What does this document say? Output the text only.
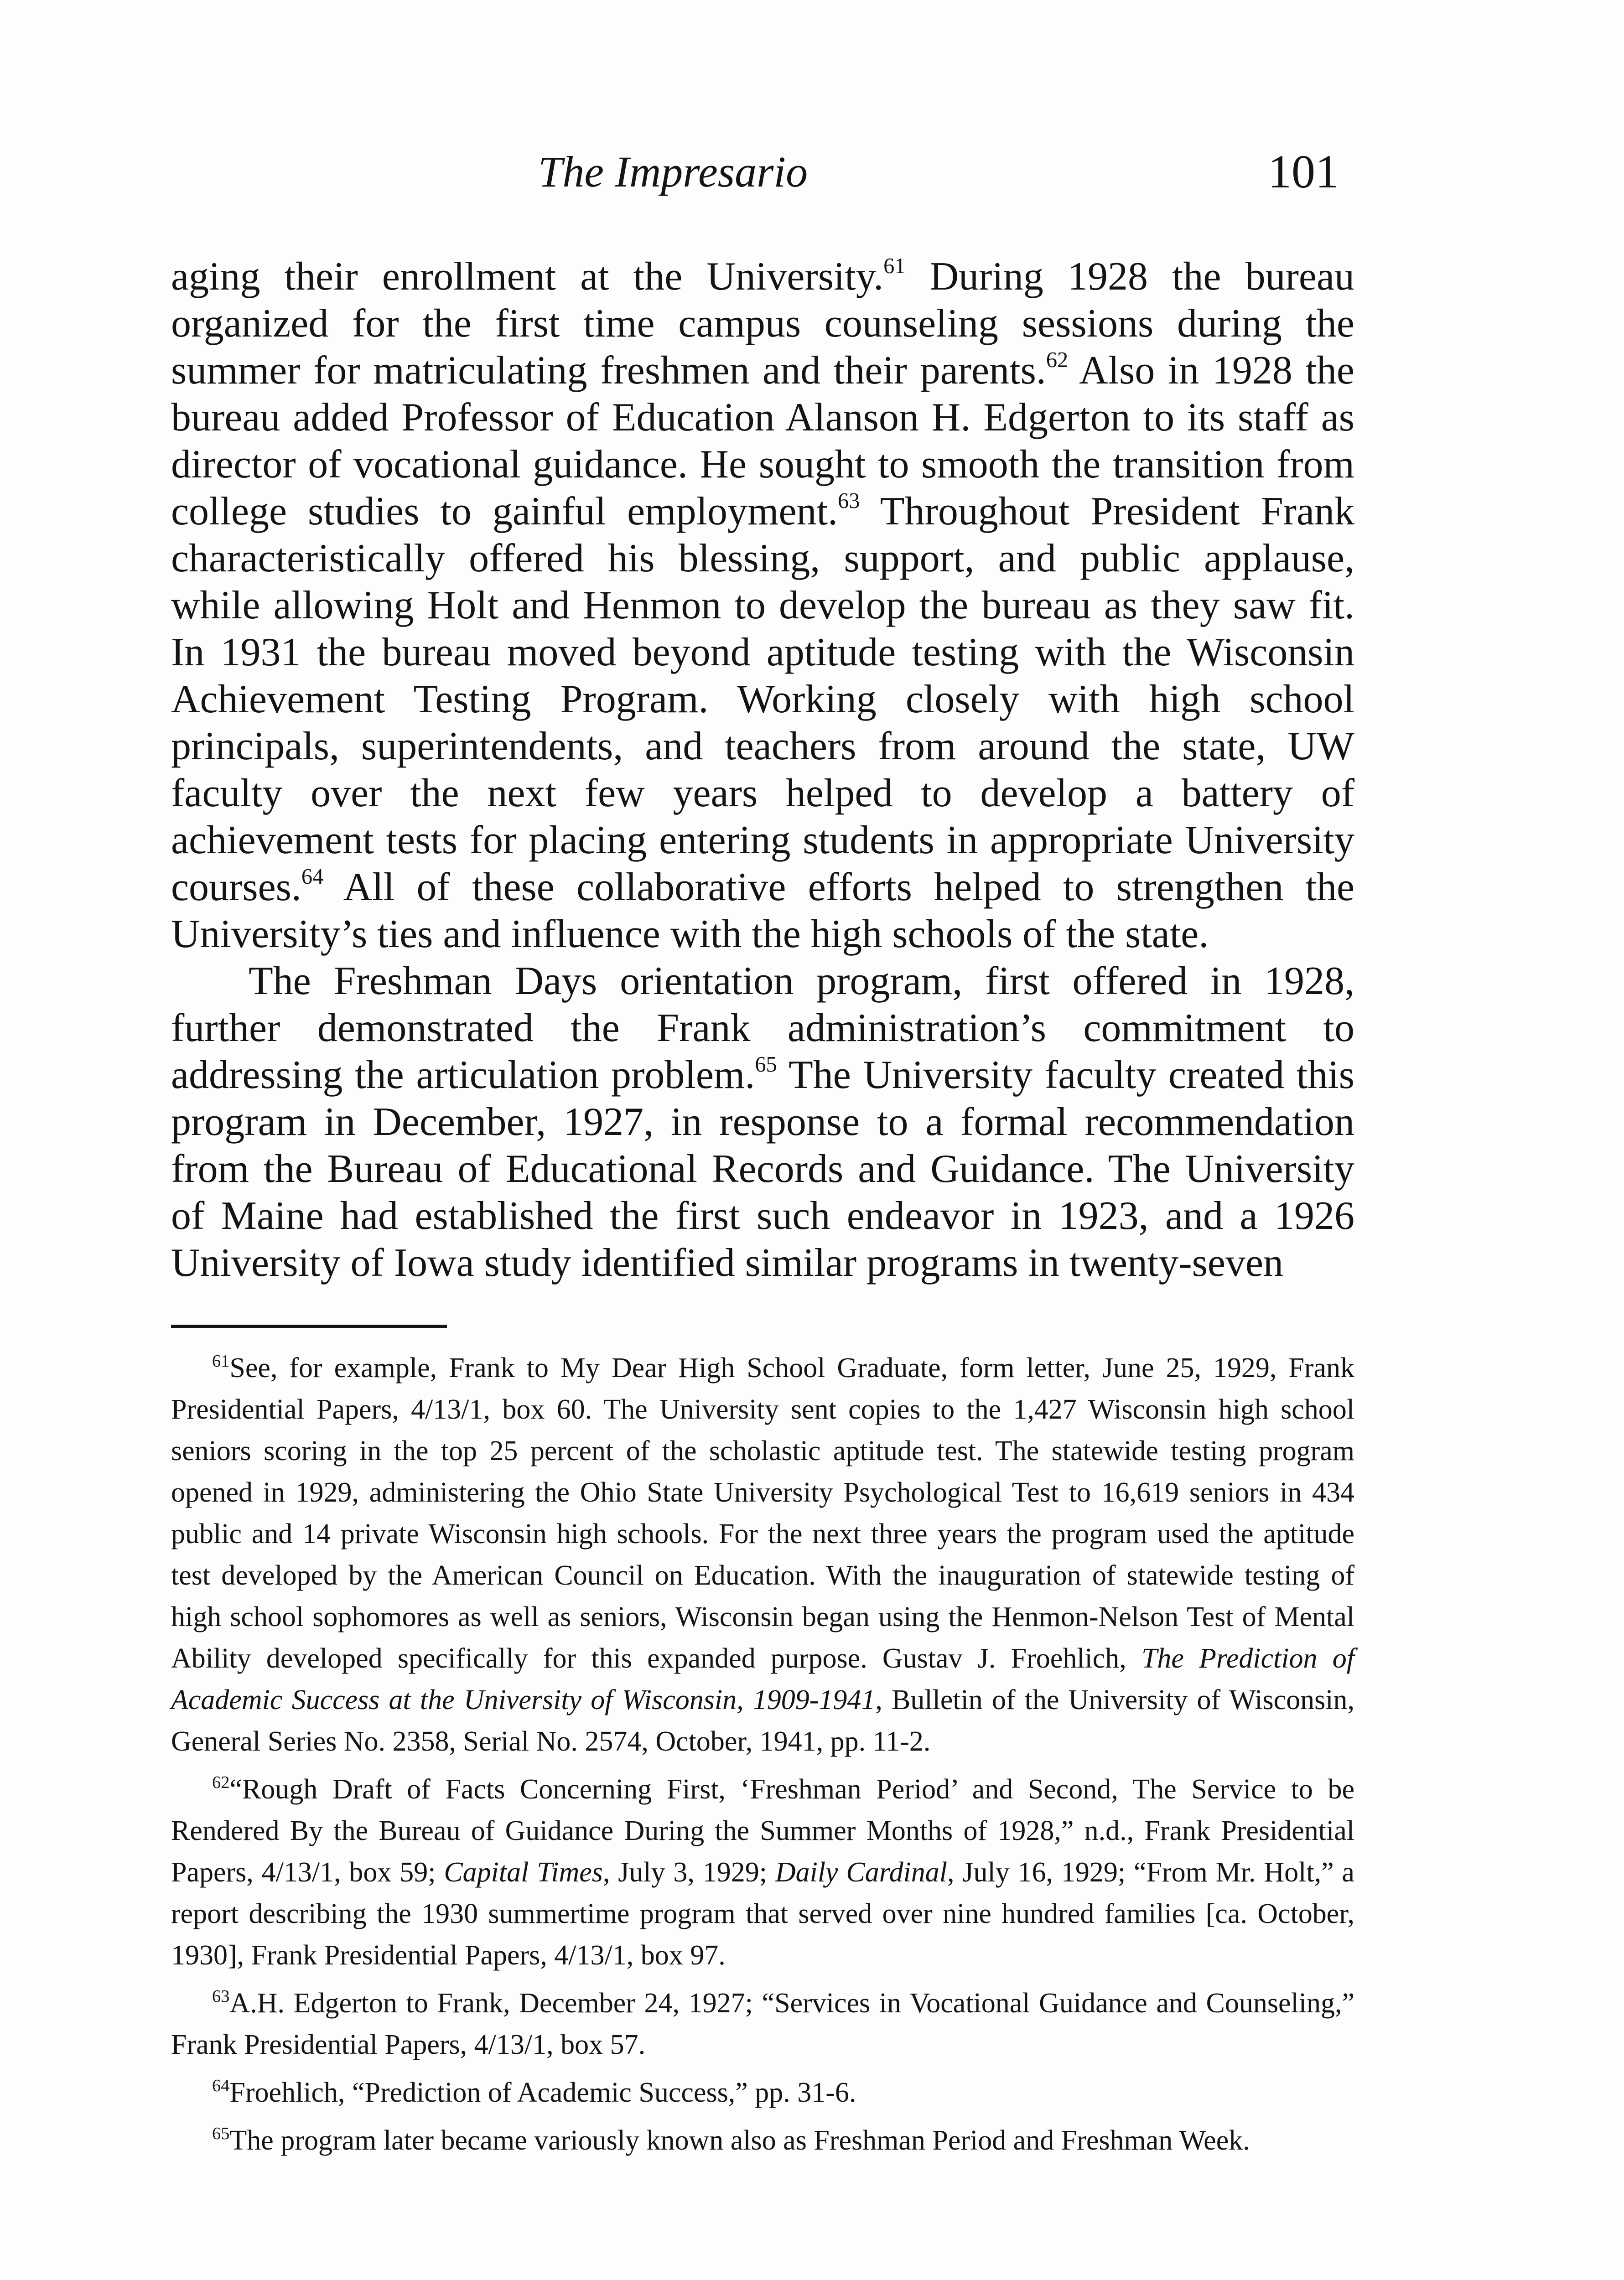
The Impresario	101

aging their enrollment at the University.$^{61}$ During 1928 the bureau organized for the first time campus counseling sessions during the summer for matriculating freshmen and their parents.$^{62}$ Also in 1928 the bureau added Professor of Education Alanson H. Edgerton to its staff as director of vocational guidance. He sought to smooth the transition from college studies to gainful employment.$^{63}$ Throughout President Frank characteristically offered his blessing, support, and public applause, while allowing Holt and Henmon to develop the bureau as they saw fit. In 1931 the bureau moved beyond aptitude testing with the Wisconsin Achievement Testing Program. Working closely with high school principals, superintendents, and teachers from around the state, UW faculty over the next few years helped to develop a battery of achievement tests for placing entering students in appropriate University courses.$^{64}$ All of these collaborative efforts helped to strengthen the University’s ties and influence with the high schools of the state.

The Freshman Days orientation program, first offered in 1928, further demonstrated the Frank administration’s commitment to addressing the articulation problem.$^{65}$ The University faculty created this program in December, 1927, in response to a formal recommendation from the Bureau of Educational Records and Guidance. The University of Maine had established the first such endeavor in 1923, and a 1926 University of Iowa study identified similar programs in twenty-seven

$^{61}$See, for example, Frank to My Dear High School Graduate, form letter, June 25, 1929, Frank Presidential Papers, 4/13/1, box 60. The University sent copies to the 1,427 Wisconsin high school seniors scoring in the top 25 percent of the scholastic aptitude test. The statewide testing program opened in 1929, administering the Ohio State University Psychological Test to 16,619 seniors in 434 public and 14 private Wisconsin high schools. For the next three years the program used the aptitude test developed by the American Council on Education. With the inauguration of statewide testing of high school sophomores as well as seniors, Wisconsin began using the Henmon-Nelson Test of Mental Ability developed specifically for this expanded purpose. Gustav J. Froehlich, The Prediction of Academic Success at the University of Wisconsin, 1909-1941, Bulletin of the University of Wisconsin, General Series No. 2358, Serial No. 2574, October, 1941, pp. 11-2.

$^{62}$“Rough Draft of Facts Concerning First, ‘Freshman Period’ and Second, The Service to be Rendered By the Bureau of Guidance During the Summer Months of 1928,” n.d., Frank Presidential Papers, 4/13/1, box 59; Capital Times, July 3, 1929; Daily Cardinal, July 16, 1929; “From Mr. Holt,” a report describing the 1930 summertime program that served over nine hundred families [ca. October, 1930], Frank Presidential Papers, 4/13/1, box 97.

$^{63}$A.H. Edgerton to Frank, December 24, 1927; “Services in Vocational Guidance and Counseling,” Frank Presidential Papers, 4/13/1, box 57.

$^{64}$Froehlich, “Prediction of Academic Success,” pp. 31-6.

$^{65}$The program later became variously known also as Freshman Period and Freshman Week.
